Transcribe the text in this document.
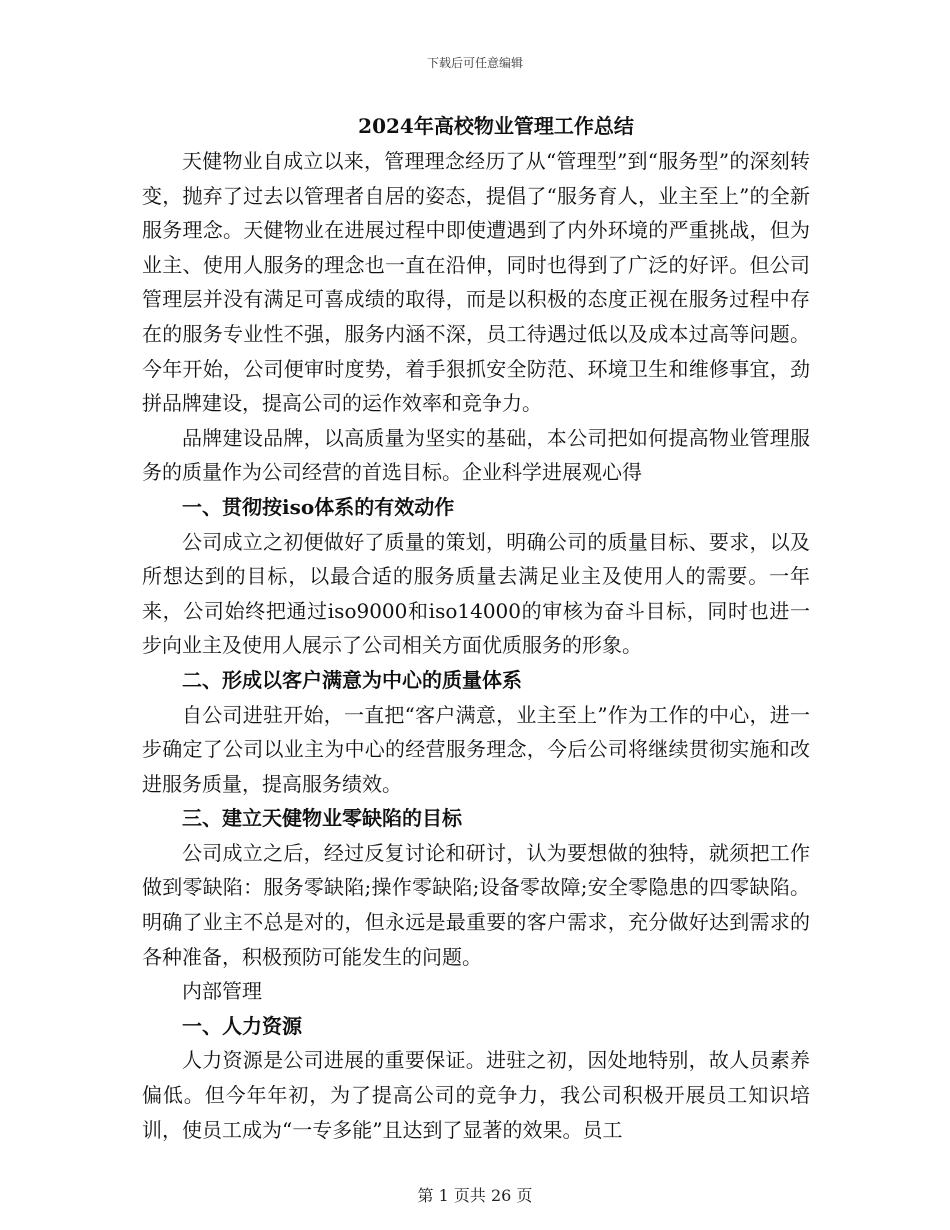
下载后可任意编辑
2024年高校物业管理工作总结

天健物业自成立以来，管理理念经历了从“管理型”到“服务型”的深刻转变，抛弃了过去以管理者自居的姿态，提倡了“服务育人，业主至上”的全新服务理念。天健物业在进展过程中即使遭遇到了内外环境的严重挑战，但为业主、使用人服务的理念也一直在沿伸，同时也得到了广泛的好评。但公司管理层并没有满足可喜成绩的取得，而是以积极的态度正视在服务过程中存在的服务专业性不强，服务内涵不深，员工待遇过低以及成本过高等问题。今年开始，公司便审时度势，着手狠抓安全防范、环境卫生和维修事宜，劲拼品牌建设，提高公司的运作效率和竞争力。

品牌建设品牌，以高质量为坚实的基础，本公司把如何提高物业管理服务的质量作为公司经营的首选目标。企业科学进展观心得

一、贯彻按iso体系的有效动作

公司成立之初便做好了质量的策划，明确公司的质量目标、要求，以及所想达到的目标，以最合适的服务质量去满足业主及使用人的需要。一年来，公司始终把通过iso9000和iso14000的审核为奋斗目标，同时也进一步向业主及使用人展示了公司相关方面优质服务的形象。

二、形成以客户满意为中心的质量体系

自公司进驻开始，一直把“客户满意，业主至上”作为工作的中心，进一步确定了公司以业主为中心的经营服务理念，今后公司将继续贯彻实施和改进服务质量，提高服务绩效。

三、建立天健物业零缺陷的目标

公司成立之后，经过反复讨论和研讨，认为要想做的独特，就须把工作做到零缺陷：服务零缺陷;操作零缺陷;设备零故障;安全零隐患的四零缺陷。明确了业主不总是对的，但永远是最重要的客户需求，充分做好达到需求的各种准备，积极预防可能发生的问题。

内部管理
一、人力资源

人力资源是公司进展的重要保证。进驻之初，因处地特别，故人员素养偏低。但今年年初，为了提高公司的竞争力，我公司积极开展员工知识培训，使员工成为“一专多能”且达到了显著的效果。员工

第 1 页共 26 页
